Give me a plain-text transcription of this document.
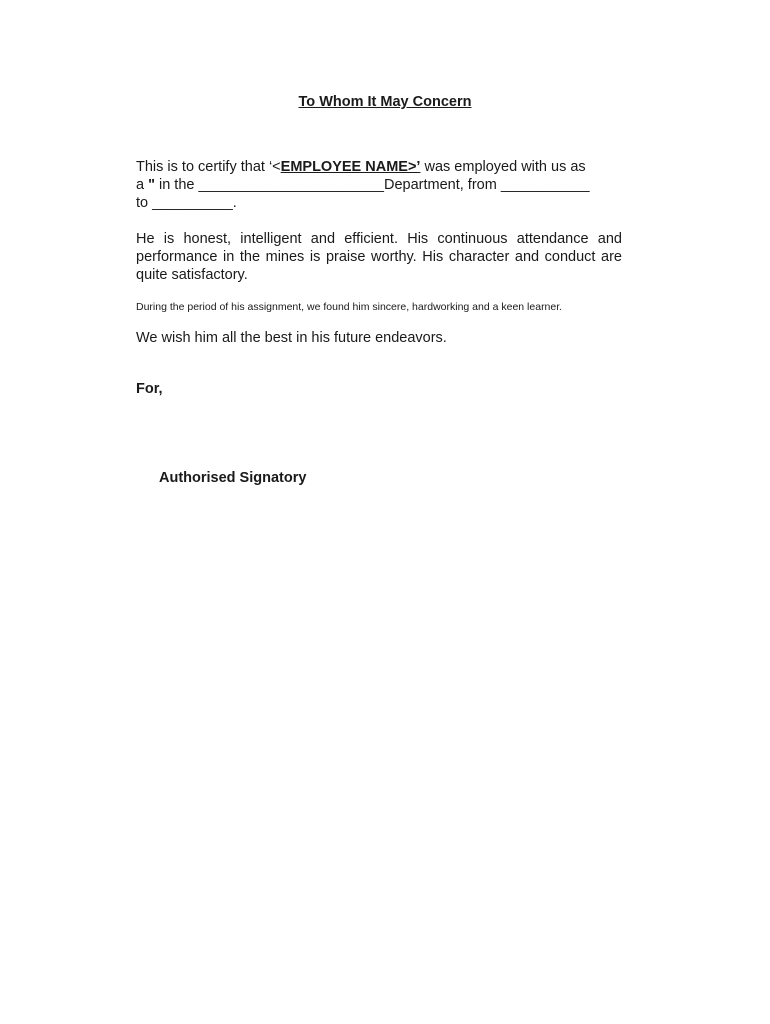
To Whom It May Concern
This is to certify that ‘<EMPLOYEE NAME>’ was employed with us as
a " in the _______________________Department, from ___________
to __________.
He is honest, intelligent and efficient. His continuous attendance and performance in the mines is praise worthy. His character and conduct are quite satisfactory.
During the period of his assignment, we found him sincere, hardworking and a keen learner.
We wish him all the best in his future endeavors.
For,
Authorised Signatory
